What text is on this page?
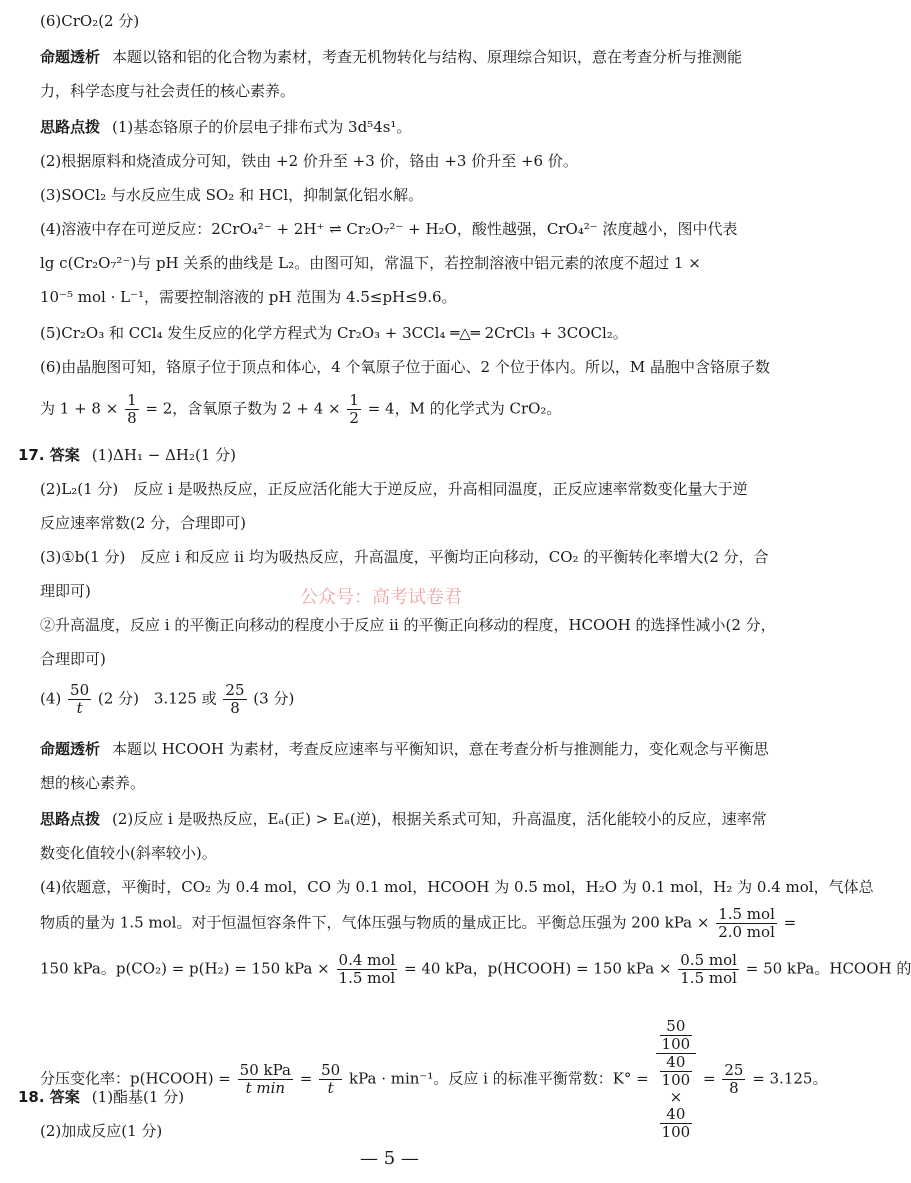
(6)CrO₂(2 分)
命题透析 本题以铬和铝的化合物为素材，考查无机物转化与结构、原理综合知识，意在考查分析与推测能
力，科学态度与社会责任的核心素养。
思路点拨 (1)基态铬原子的价层电子排布式为 3d⁵4s¹。
(2)根据原料和烧渣成分可知，铁由 +2 价升至 +3 价，铬由 +3 价升至 +6 价。
(3)SOCl₂ 与水反应生成 SO₂ 和 HCl，抑制氯化铝水解。
(4)溶液中存在可逆反应：2CrO₄²⁻ + 2H⁺ ⇌ Cr₂O₇²⁻ + H₂O，酸性越强，CrO₄²⁻ 浓度越小，图中代表
lg c(Cr₂O₇²⁻)与 pH 关系的曲线是 L₂。由图可知，常温下，若控制溶液中铝元素的浓度不超过 1 ×
10⁻⁵ mol · L⁻¹，需要控制溶液的 pH 范围为 4.5≤pH≤9.6。
(5)Cr₂O₃ 和 CCl₄ 发生反应的化学方程式为 Cr₂O₃ + 3CCl₄ ═△═ 2CrCl₃ + 3COCl₂。
(6)由晶胞图可知，铬原子位于顶点和体心，4 个氧原子位于面心、2 个位于体内。所以，M 晶胞中含铬原子数
为 $1 + 8 \times \frac{1}{8} = 2$，含氧原子数为 $2 + 4 \times \frac{1}{2} = 4$，M 的化学式为 CrO₂。
17. 答案 (1)ΔH₁ − ΔH₂(1 分)
(2)L₂(1 分)　反应 i 是吸热反应，正反应活化能大于逆反应，升高相同温度，正反应速率常数变化量大于逆
反应速率常数(2 分，合理即可)
(3)①b(1 分)　反应 i 和反应 ii 均为吸热反应，升高温度，平衡均正向移动，CO₂ 的平衡转化率增大(2 分，合
理即可)	公众号：高考试卷君
②升高温度，反应 i 的平衡正向移动的程度小于反应 ii 的平衡正向移动的程度，HCOOH 的选择性减小(2 分，
合理即可)
$(4) \frac{50}{t} (2$ 分)　3.125 或 $\frac{25}{8} (3$ 分)
命题透析 本题以 HCOOH 为素材，考查反应速率与平衡知识，意在考查分析与推测能力，变化观念与平衡思
想的核心素养。
思路点拨 (2)反应 i 是吸热反应，Eₐ(正) > Eₐ(逆)，根据关系式可知，升高温度，活化能较小的反应，速率常
数变化值较小(斜率较小)。
(4)依题意，平衡时，CO₂ 为 0.4 mol，CO 为 0.1 mol，HCOOH 为 0.5 mol，H₂O 为 0.1 mol，H₂ 为 0.4 mol，气体总
物质的量为 1.5 mol。对于恒温恒容条件下，气体压强与物质的量成正比。平衡总压强为 200 kPa × $\frac{\text{1.5 mol}}{\text{2.0 mol}}$ =
150 kPa。p(CO₂) = p(H₂) = 150 kPa × $\frac{\text{0.4 mol}}{\text{1.5 mol}} = 40$ kPa，p(HCOOH) = 150 kPa × $\frac{\text{0.5 mol}}{\text{1.5 mol}} = 50$ kPa。HCOOH 的
分压变化率：p(HCOOH) = $\frac{\text{50 kPa}}{\text{t min}} = \frac{50}{t}$ kPa · min⁻¹。反应 i 的标准平衡常数：K° = 50
100
40
100
×
40
$100 = \frac{25}{8} = 3.125$。
18. 答案 (1)酯基(1 分)
(2)加成反应(1 分)
— 5 —
